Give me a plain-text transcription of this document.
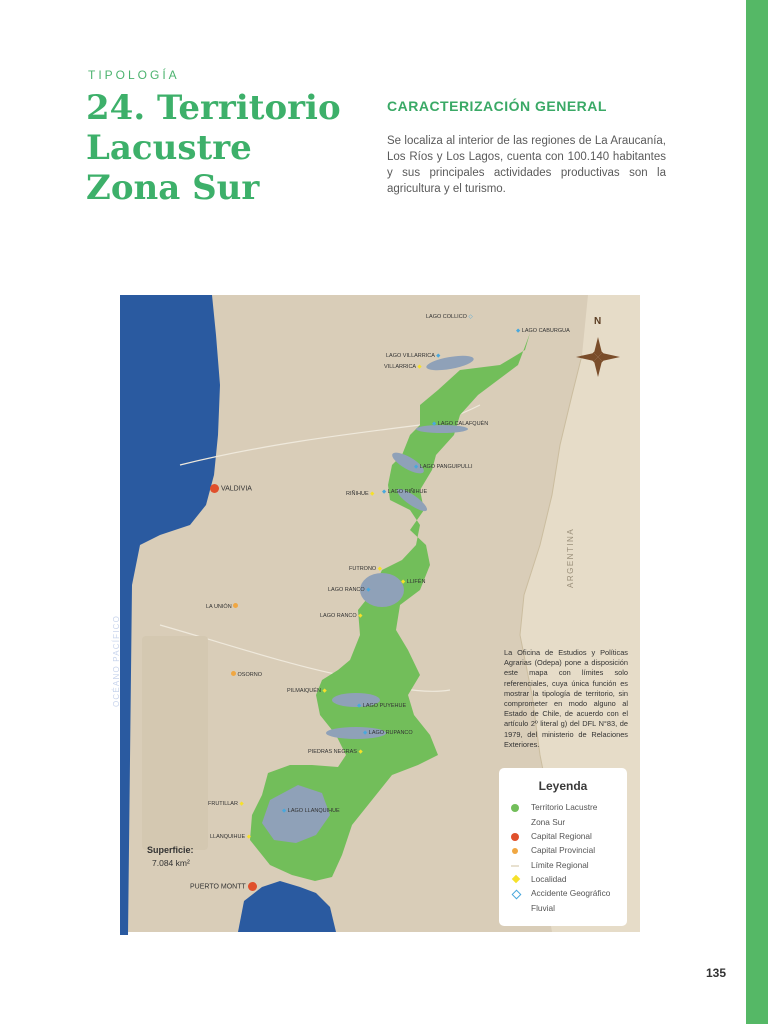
TIPOLOGÍA
24. Territorio
Lacustre
Zona Sur
CARACTERIZACIÓN GENERAL
Se localiza al interior de las regiones de La Araucanía, Los Ríos y Los Lagos, cuenta con 100.140 habitantes y sus principales actividades productivas son la agricultura y el turismo.
OCÉANO PACÍFICO
ARGENTINA
N
LAGO COLLICO ◇
◆ LAGO CABURGUA
LAGO VILLARRICA ◆
VILLARRICA ◆
◆ LAGO CALAFQUÉN
◆ LAGO PANGUIPULLI
RIÑIHUE ◆ ◆ LAGO RIÑIHUE
FUTRONO ◆
◆ LLIFÉN
LAGO RANCO ◆
LAGO RANCO ◆
PILMAIQUÉN ◆
◆ LAGO PUYEHUE
◆ LAGO RUPANCO
PIEDRAS NEGRAS ◆
FRUTILLAR ◆
◆ LAGO LLANQUIHUE
LLANQUIHUE ◆
VALDIVIA
LA UNIÓN
OSORNO
PUERTO MONTT
Superficie:
7.084 km²
La Oficina de Estudios y Políticas Agrarias (Odepa) pone a disposición este mapa con límites solo referenciales, cuya única función es mostrar la tipología de territorio, sin comprometer en modo alguno al Estado de Chile, de acuerdo con el artículo 2º literal g) del DFL N°83, de 1979, del ministerio de Relaciones Exteriores.
Leyenda
Territorio Lacustre Zona Sur
Capital Regional
Capital Provincial
Límite Regional
Localidad
Accidente Geográfico Fluvial
135
